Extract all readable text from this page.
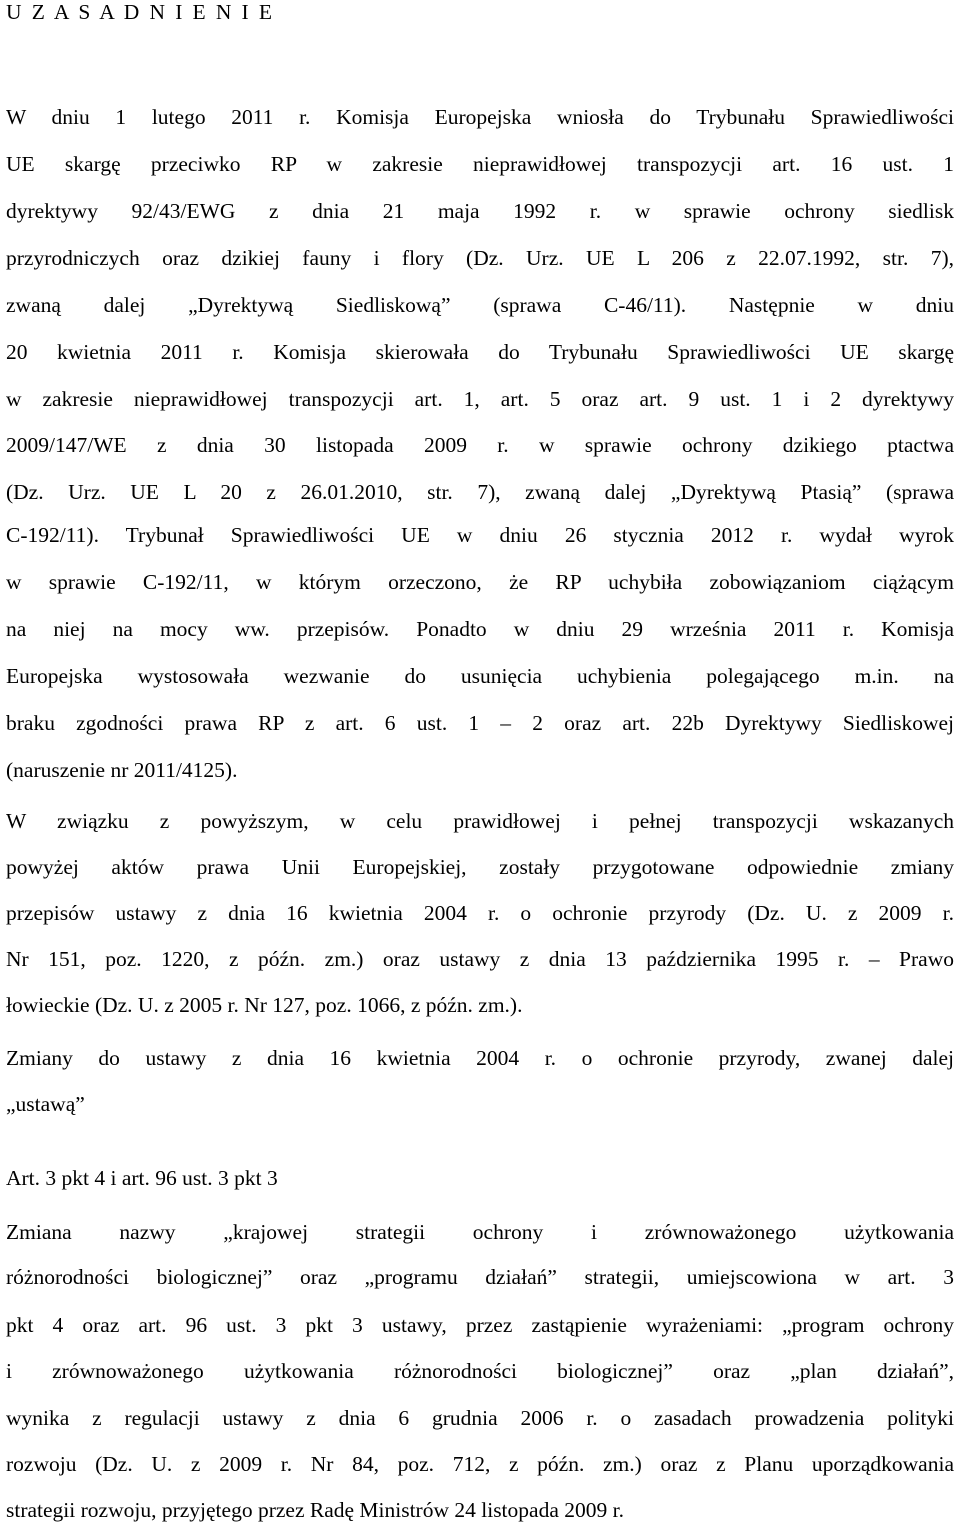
U Z A S A D N I E N I E
W dniu 1 lutego 2011 r. Komisja Europejska wniosła do Trybunału Sprawiedliwości
UE skargę przeciwko RP w zakresie nieprawidłowej transpozycji art. 16 ust. 1
dyrektywy 92/43/EWG z dnia 21 maja 1992 r. w sprawie ochrony siedlisk
przyrodniczych oraz dzikiej fauny i flory (Dz. Urz. UE L 206 z 22.07.1992, str. 7),
zwaną dalej „Dyrektywą Siedliskową” (sprawa C-46/11). Następnie w dniu
20 kwietnia 2011 r. Komisja skierowała do Trybunału Sprawiedliwości UE skargę
w zakresie nieprawidłowej transpozycji art. 1, art. 5 oraz art. 9 ust. 1 i 2 dyrektywy
2009/147/WE z dnia 30 listopada 2009 r. w sprawie ochrony dzikiego ptactwa
(Dz. Urz. UE L 20 z 26.01.2010, str. 7), zwaną dalej „Dyrektywą Ptasią” (sprawa
C-192/11). Trybunał Sprawiedliwości UE w dniu 26 stycznia 2012 r. wydał wyrok
w sprawie C-192/11, w którym orzeczono, że RP uchybiła zobowiązaniom ciążącym
na niej na mocy ww. przepisów. Ponadto w dniu 29 września 2011 r. Komisja
Europejska wystosowała wezwanie do usunięcia uchybienia polegającego m.in. na
braku zgodności prawa RP z art. 6 ust. 1 – 2 oraz art. 22b Dyrektywy Siedliskowej
(naruszenie nr 2011/4125).
W związku z powyższym, w celu prawidłowej i pełnej transpozycji wskazanych
powyżej aktów prawa Unii Europejskiej, zostały przygotowane odpowiednie zmiany
przepisów ustawy z dnia 16 kwietnia 2004 r. o ochronie przyrody (Dz. U. z 2009 r.
Nr 151, poz. 1220, z późn. zm.) oraz ustawy z dnia 13 października 1995 r. – Prawo
łowieckie (Dz. U. z 2005 r. Nr 127, poz. 1066, z późn. zm.).
Zmiany do ustawy z dnia 16 kwietnia 2004 r. o ochronie przyrody, zwanej dalej
„ustawą”
Art. 3 pkt 4 i art. 96 ust. 3 pkt 3
Zmiana nazwy „krajowej strategii ochrony i zrównoważonego użytkowania
różnorodności biologicznej” oraz „programu działań” strategii, umiejscowiona w art. 3
pkt 4 oraz art. 96 ust. 3 pkt 3 ustawy, przez zastąpienie wyrażeniami: „program ochrony
i zrównoważonego użytkowania różnorodności biologicznej” oraz „plan działań”,
wynika z regulacji ustawy z dnia 6 grudnia 2006 r. o zasadach prowadzenia polityki
rozwoju (Dz. U. z 2009 r. Nr 84, poz. 712, z późn. zm.) oraz z Planu uporządkowania
strategii rozwoju, przyjętego przez Radę Ministrów 24 listopada 2009 r.
